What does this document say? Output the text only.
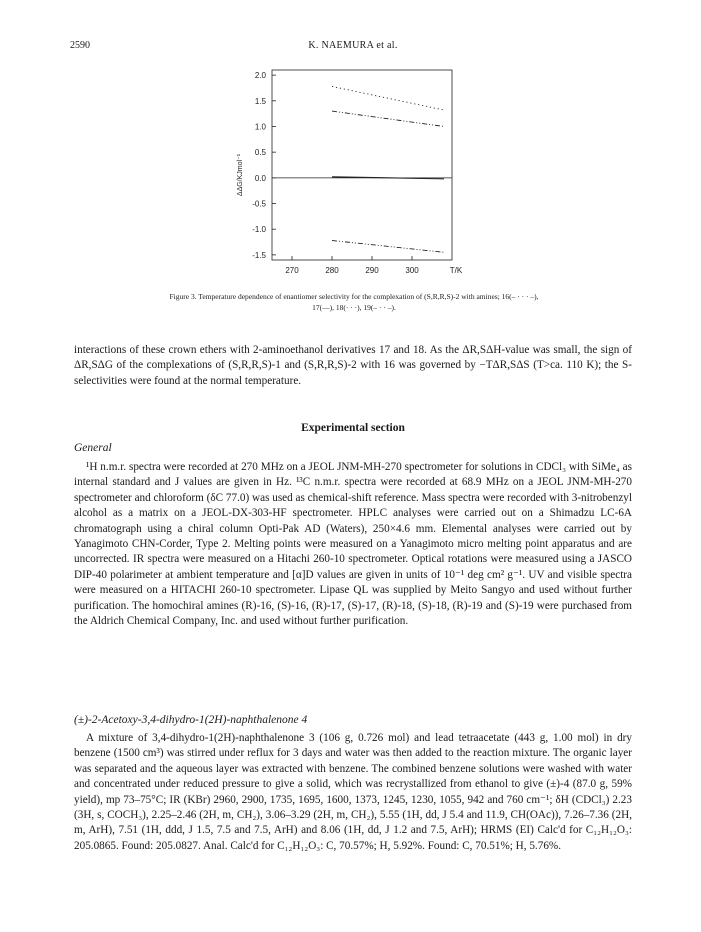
2590	K. NAEMURA et al.
2.0
1.5
1.0
0.5
0.0
-0.5
-1.0
-1.5
270	280	290	300	T/K
ΔΔG/KJmol⁻¹
Figure 3. Temperature dependence of enantiomer selectivity for the complexation of (S,R,R,S)-2 with amines; 16(– · · · –),
17(—), 18(· · ·), 19(– · · –).

interactions of these crown ethers with 2-aminoethanol derivatives 17 and 18. As the ΔR,SΔH-value was small, the sign of ΔR,SΔG of the complexations of (S,R,R,S)-1 and (S,R,R,S)-2 with 16 was governed by −TΔR,SΔS (T>ca. 110 K); the S-selectivities were found at the normal temperature.

Experimental section
General

¹H n.m.r. spectra were recorded at 270 MHz on a JEOL JNM-MH-270 spectrometer for solutions in CDCl₃ with SiMe₄ as internal standard and J values are given in Hz. ¹³C n.m.r. spectra were recorded at 68.9 MHz on a JEOL JNM-MH-270 spectrometer and chloroform (δC 77.0) was used as chemical-shift reference. Mass spectra were recorded with 3-nitrobenzyl alcohol as a matrix on a JEOL-DX-303-HF spectrometer. HPLC analyses were carried out on a Shimadzu LC-6A chromatograph using a chiral column Opti-Pak AD (Waters), 250×4.6 mm. Elemental analyses were carried out by Yanagimoto CHN-Corder, Type 2. Melting points were measured on a Yanagimoto micro melting point apparatus and are uncorrected. IR spectra were measured on a Hitachi 260-10 spectrometer. Optical rotations were measured using a JASCO DIP-40 polarimeter at ambient temperature and [α]D values are given in units of 10⁻¹ deg cm² g⁻¹. UV and visible spectra were measured on a HITACHI 260-10 spectrometer. Lipase QL was supplied by Meito Sangyo and used without further purification. The homochiral amines (R)-16, (S)-16, (R)-17, (S)-17, (R)-18, (S)-18, (R)-19 and (S)-19 were purchased from the Aldrich Chemical Company, Inc. and used without further purification.

(±)-2-Acetoxy-3,4-dihydro-1(2H)-naphthalenone 4

A mixture of 3,4-dihydro-1(2H)-naphthalenone 3 (106 g, 0.726 mol) and lead tetraacetate (443 g, 1.00 mol) in dry benzene (1500 cm³) was stirred under reflux for 3 days and water was then added to the reaction mixture. The organic layer was separated and the aqueous layer was extracted with benzene. The combined benzene solutions were washed with water and concentrated under reduced pressure to give a solid, which was recrystallized from ethanol to give (±)-4 (87.0 g, 59% yield), mp 73–75°C; IR (KBr) 2960, 2900, 1735, 1695, 1600, 1373, 1245, 1230, 1055, 942 and 760 cm⁻¹; δH (CDCl₃) 2.23 (3H, s, COCH₃), 2.25–2.46 (2H, m, CH₂), 3.06–3.29 (2H, m, CH₂), 5.55 (1H, dd, J 5.4 and 11.9, CH(OAc)), 7.26–7.36 (2H, m, ArH), 7.51 (1H, ddd, J 1.5, 7.5 and 7.5, ArH) and 8.06 (1H, dd, J 1.2 and 7.5, ArH); HRMS (EI) Calc'd for C₁₂H₁₂O₃: 205.0865. Found: 205.0827. Anal. Calc'd for C₁₂H₁₂O₃: C, 70.57%; H, 5.92%. Found: C, 70.51%; H, 5.76%.
